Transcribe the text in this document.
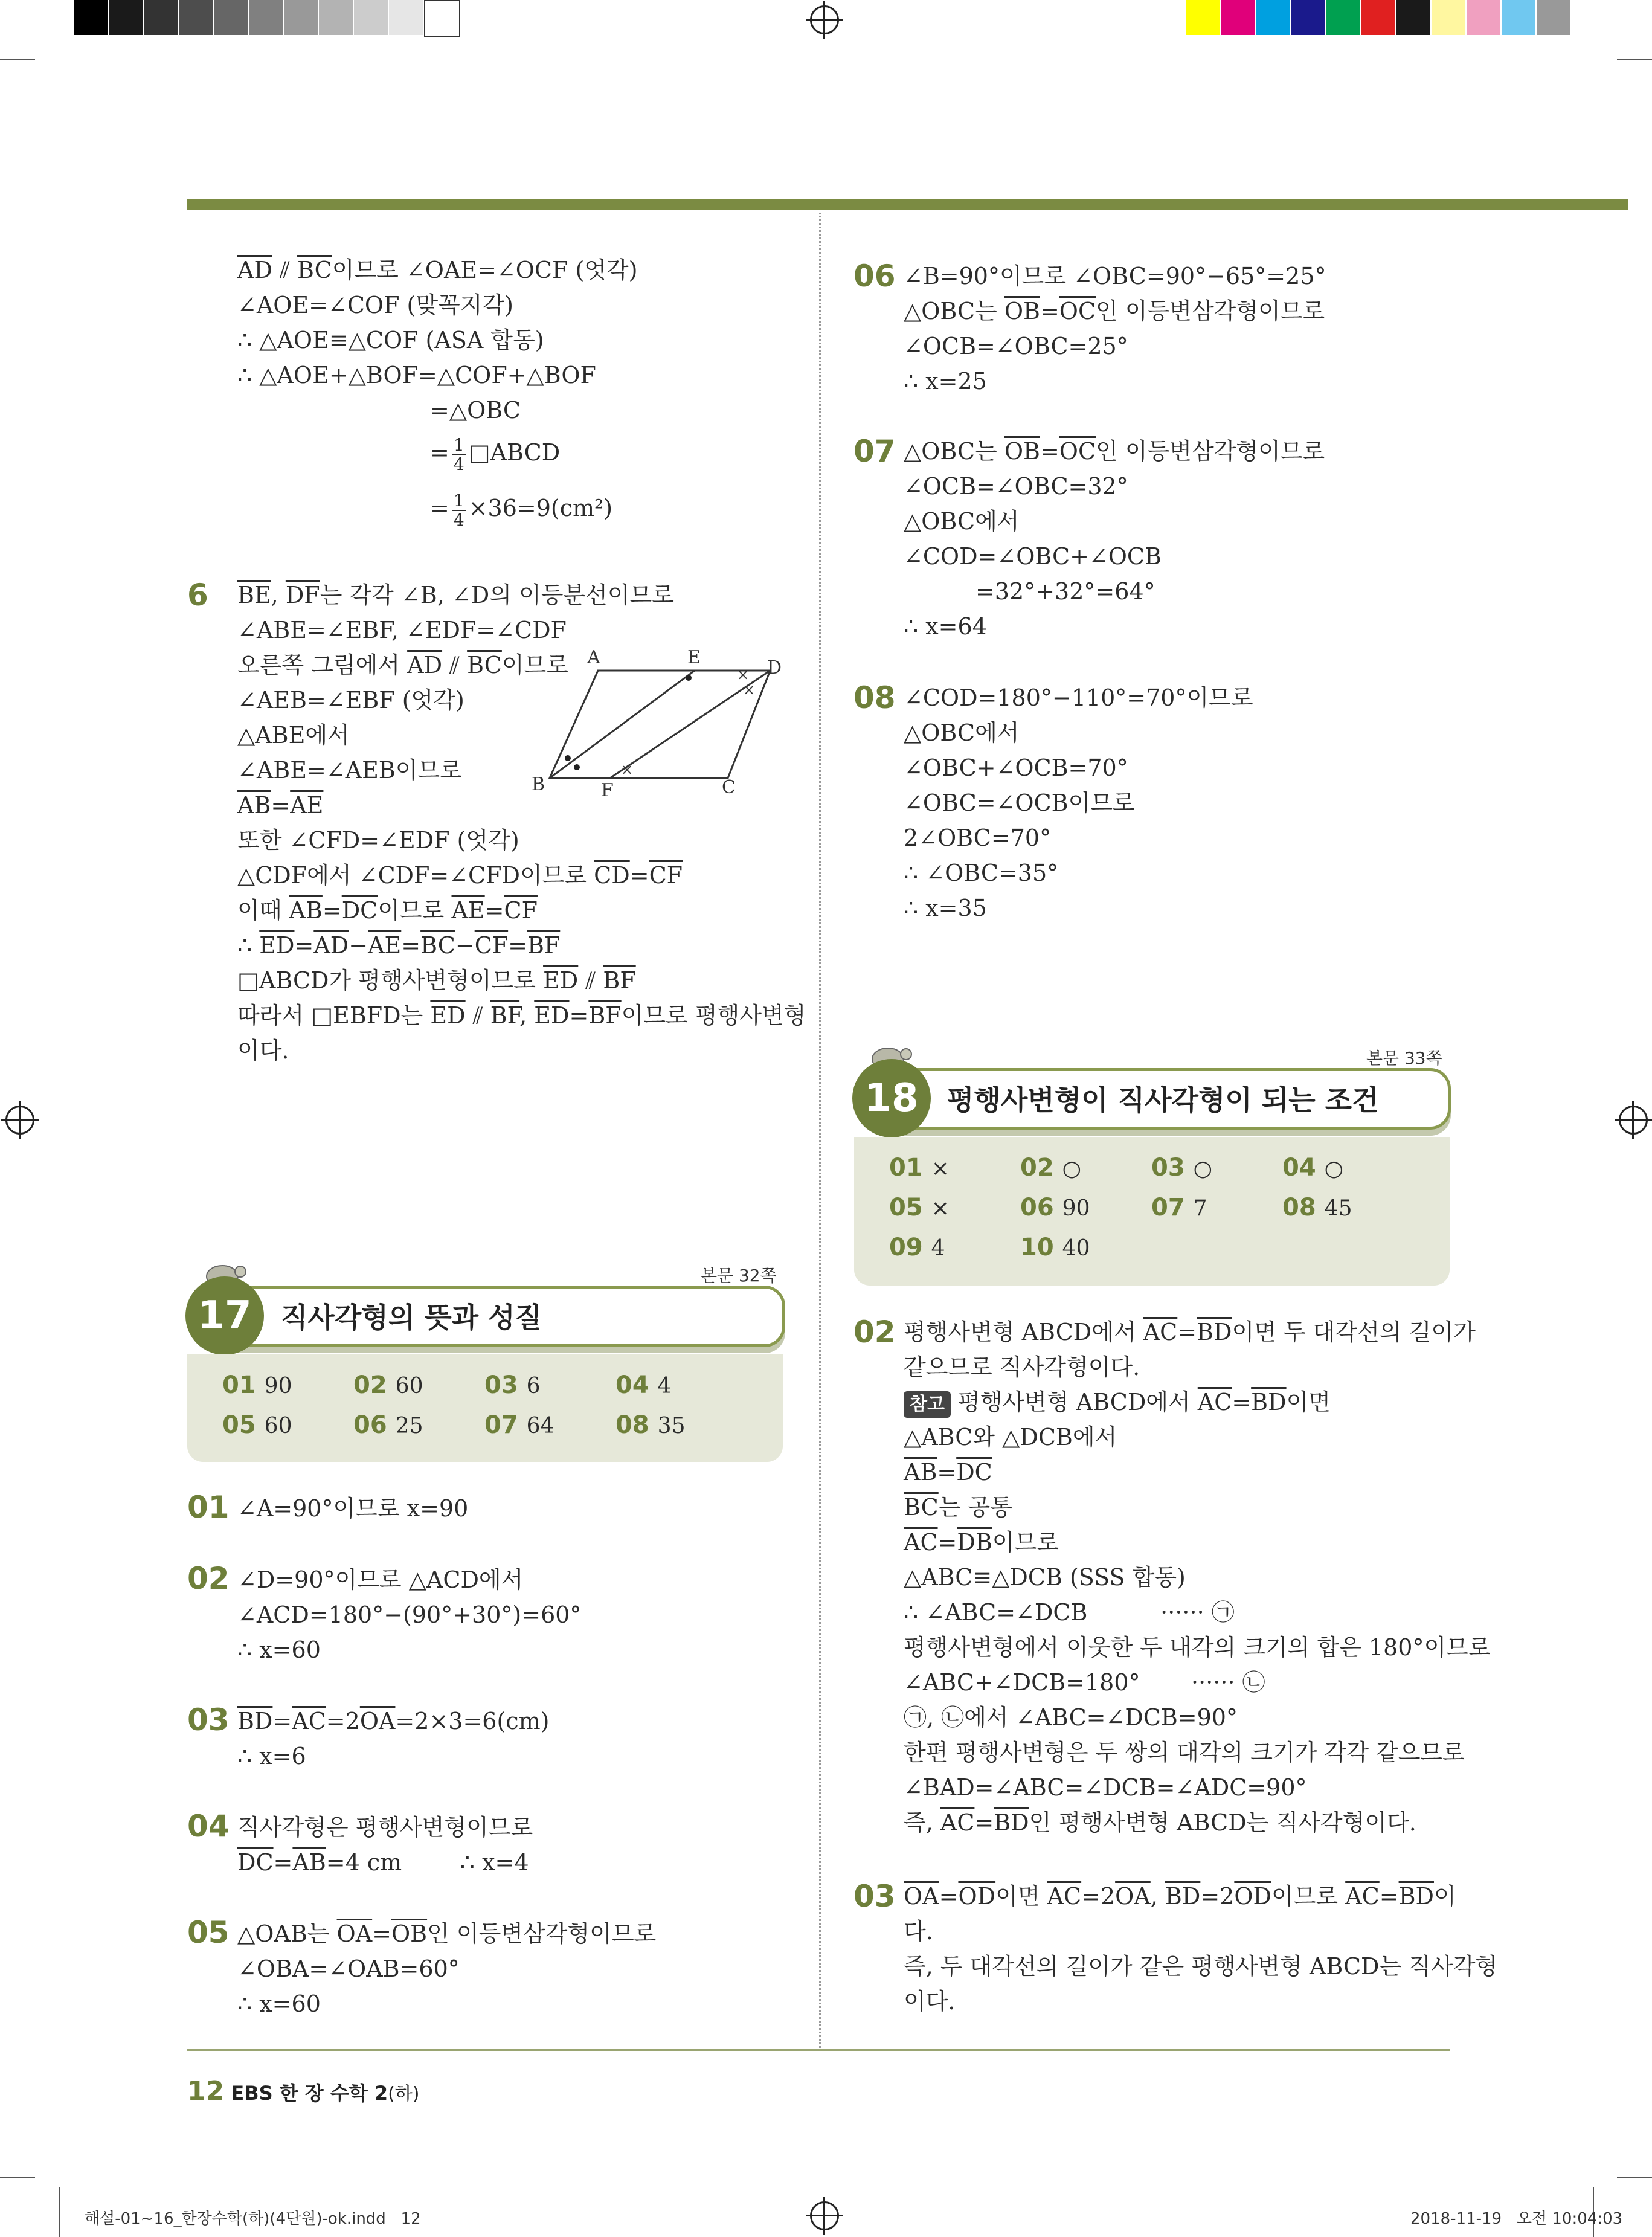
$\overline{AD}$ ⫽ $\overline{BC}$이므로 ∠OAE=∠OCF (엇각)
∠AOE=∠COF (맞꼭지각)
∴ △AOE≡△COF (ASA 합동)
∴ △AOE+△BOF=△COF+△BOF
=△OBC
= $\frac{1}{4}$ □ABCD
= $\frac{1}{4} \times 36=9(cm^2)$
6 $\overline{BE}$, $\overline{DF}$는 각각 ∠B, ∠D의 이등분선이므로
∠ABE=∠EBF, ∠EDF=∠CDF
오른쪽 그림에서 $\overline{AD}$ ⫽ $\overline{BC}$이므로
∠AEB=∠EBF (엇각)
△ABE에서
∠ABE=∠AEB이므로
$\overline{AB}=\overline{AE}$
또한 ∠CFD=∠EDF (엇각)
△CDF에서 ∠CDF=∠CFD이므로 $\overline{CD}=\overline{CF}$
이때 $\overline{AB}=\overline{DC}$이므로 $\overline{AE}=\overline{CF}$
∴ $\overline{ED}=\overline{AD}-\overline{AE}=\overline{BC}-\overline{CF}=\overline{BF}$
□ABCD가 평행사변형이므로 $\overline{ED}$ ⫽ $\overline{BF}$
따라서 □EBFD는 $\overline{ED}$ ⫽ $\overline{BF}$, $\overline{ED}=\overline{BF}$이므로 평행사변형
이다.
×
×
×
A	E	D
B	F	C
본문 32쪽
17	직사각형의 뜻과 성질
01 ∠A=90°이므로 x=90
02 ∠D=90°이므로 △ACD에서
∠ACD=180°−(90°+30°)=60°
∴ x=60
03 $\overline{BD}=\overline{AC}=2\overline{OA}=2\times 3=6(cm)$
∴ x=6
04 직사각형은 평행사변형이므로
$\overline{DC}=\overline{AB}=4$ cm        ∴ x=4
05 △OAB는 $\overline{OA}=\overline{OB}$인 이등변삼각형이므로
∠OBA=∠OAB=60°
∴ x=60
06 ∠B=90°이므로 ∠OBC=90°−65°=25°
△OBC는 $\overline{OB}=\overline{OC}$인 이등변삼각형이므로
∠OCB=∠OBC=25°
∴ x=25
07 △OBC는 $\overline{OB}=\overline{OC}$인 이등변삼각형이므로
∠OCB=∠OBC=32°
△OBC에서
∠COD=∠OBC+∠OCB
=32°+32°=64°
∴ x=64
08 ∠COD=180°−110°=70°이므로
△OBC에서
∠OBC+∠OCB=70°
∠OBC=∠OCB이므로
2∠OBC=70°
∴ ∠OBC=35°
∴ x=35
본문 33쪽
18	평행사변형이 직사각형이 되는 조건
02 평행사변형 ABCD에서 $\overline{AC}=\overline{BD}$이면 두 대각선의 길이가
같으므로 직사각형이다.
참고 평행사변형 ABCD에서 $\overline{AC}=\overline{BD}$이면
△ABC와 △DCB에서
$\overline{AB}=\overline{DC}$
$\overline{BC}$는 공통
$\overline{AC}=\overline{DB}$이므로
△ABC≡△DCB (SSS 합동)
∴ ∠ABC=∠DCB          ······ ㉠
평행사변형에서 이웃한 두 내각의 크기의 합은 180°이므로
∠ABC+∠DCB=180°       ······ ㉡
㉠, ㉡에서 ∠ABC=∠DCB=90°
한편 평행사변형은 두 쌍의 대각의 크기가 각각 같으므로
∠BAD=∠ABC=∠DCB=∠ADC=90°
즉, $\overline{AC}=\overline{BD}$인 평행사변형 ABCD는 직사각형이다.
03 $\overline{OA}=\overline{OD}$이면 $\overline{AC}=2\overline{OA}$, $\overline{BD}=2\overline{OD}$이므로 $\overline{AC}=\overline{BD}$이
다.
즉, 두 대각선의 길이가 같은 평행사변형 ABCD는 직사각형
이다.
12 EBS 한 장 수학 2(하)
해설-01~16_한장수학(하)(4단원)-ok.indd   12	2018-11-19   오전 10:04:03
01 90	02 60	03 6	04 4
05 60	06 25	07 64	08 35
01 ×	02 ○	03 ○	04 ○
05 ×	06 90	07 7	08 45
09 4	10 40
